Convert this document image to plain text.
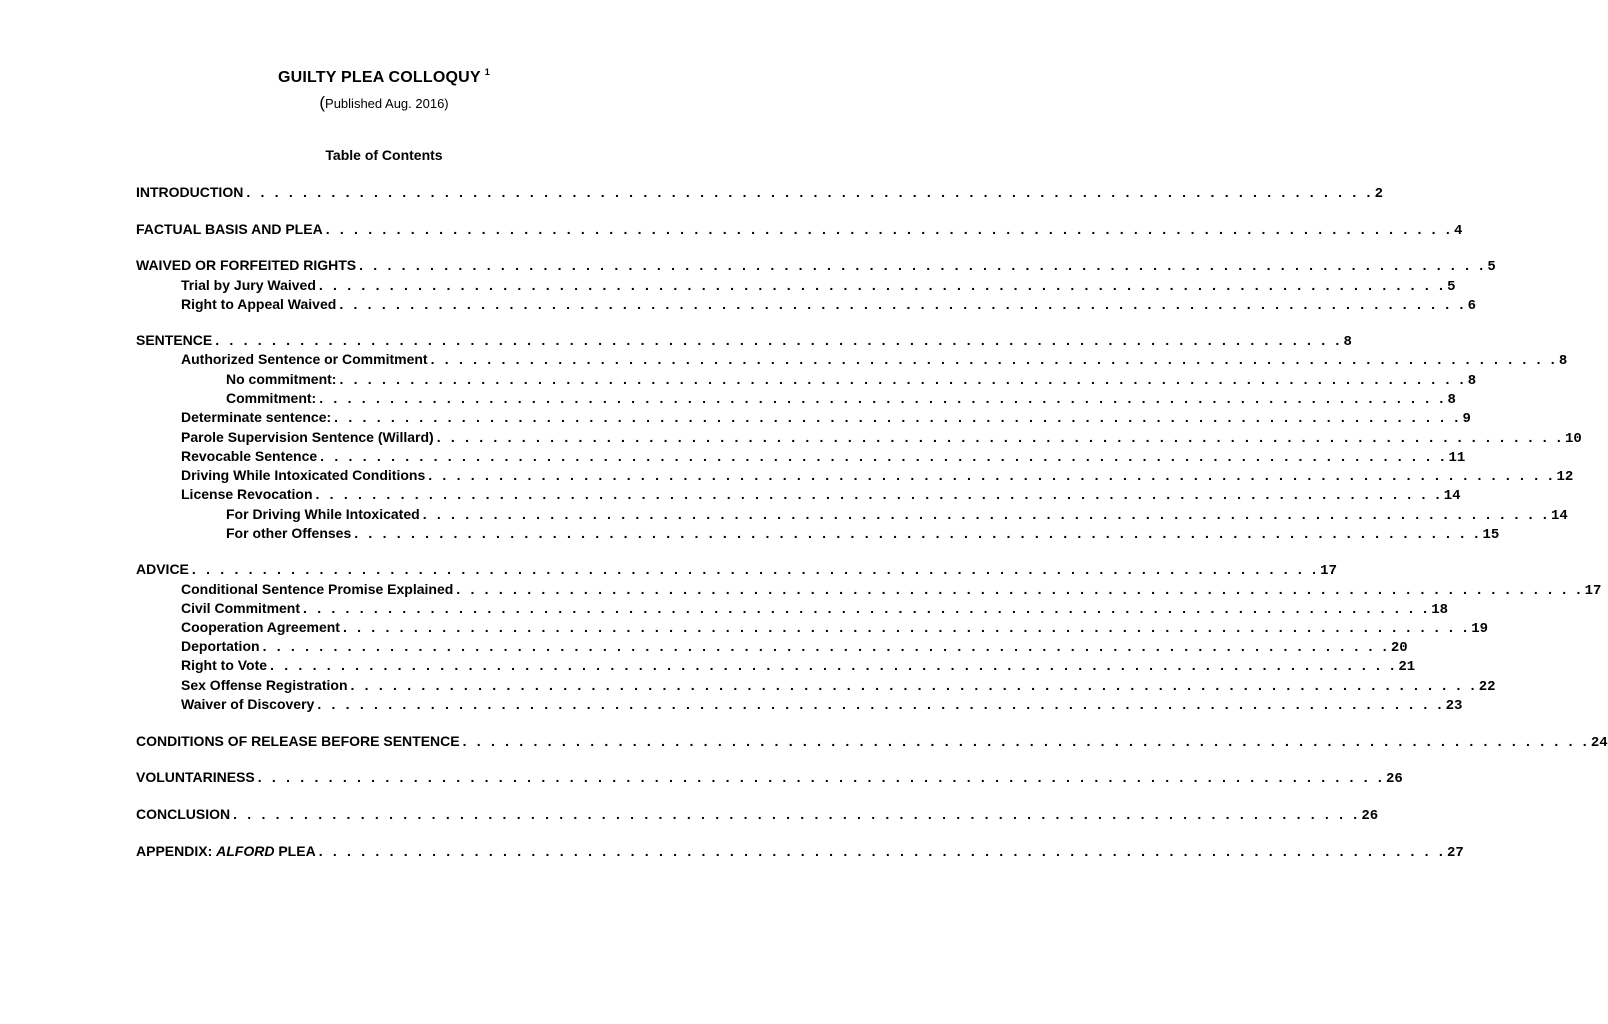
GUILTY PLEA COLLOQUY $^1$
(Published Aug. 2016)
Table of Contents
INTRODUCTION . . . . . . . . . . . . . . . . . . . . . . . . . . . . . . . . . . . . . . . . . . . . . . . . . . . . . . . . . . . . . . . . . . . . . . . . . . . . . . . . 2
FACTUAL BASIS AND PLEA . . . . . . . . . . . . . . . . . . . . . . . . . . . . . . . . . . . . . . . . . . . . . . . . . . . . . . . . . . . . . . . . . . . . . . . . . . . . . . . . 4
WAIVED OR FORFEITED RIGHTS . . . . . . . . . . . . . . . . . . . . . . . . . . . . . . . . . . . . . . . . . . . . . . . . . . . . . . . . . . . . . . . . . . . . . . . . . . . . . . . . 5
Trial by Jury Waived . . . . . . . . . . . . . . . . . . . . . . . . . . . . . . . . . . . . . . . . . . . . . . . . . . . . . . . . . . . . . . . . . . . . . . . . . . . . . . . . 5
Right to Appeal Waived . . . . . . . . . . . . . . . . . . . . . . . . . . . . . . . . . . . . . . . . . . . . . . . . . . . . . . . . . . . . . . . . . . . . . . . . . . . . . . . . 6
SENTENCE . . . . . . . . . . . . . . . . . . . . . . . . . . . . . . . . . . . . . . . . . . . . . . . . . . . . . . . . . . . . . . . . . . . . . . . . . . . . . . . . 8
Authorized Sentence or Commitment . . . . . . . . . . . . . . . . . . . . . . . . . . . . . . . . . . . . . . . . . . . . . . . . . . . . . . . . . . . . . . . . . . . . . . . . . . . . . . . . 8
No commitment: . . . . . . . . . . . . . . . . . . . . . . . . . . . . . . . . . . . . . . . . . . . . . . . . . . . . . . . . . . . . . . . . . . . . . . . . . . . . . . . . 8
Commitment: . . . . . . . . . . . . . . . . . . . . . . . . . . . . . . . . . . . . . . . . . . . . . . . . . . . . . . . . . . . . . . . . . . . . . . . . . . . . . . . . 8
Determinate sentence: . . . . . . . . . . . . . . . . . . . . . . . . . . . . . . . . . . . . . . . . . . . . . . . . . . . . . . . . . . . . . . . . . . . . . . . . . . . . . . . . 9
Parole Supervision Sentence (Willard) . . . . . . . . . . . . . . . . . . . . . . . . . . . . . . . . . . . . . . . . . . . . . . . . . . . . . . . . . . . . . . . . . . . . . . . . . . . . . . . . 10
Revocable Sentence . . . . . . . . . . . . . . . . . . . . . . . . . . . . . . . . . . . . . . . . . . . . . . . . . . . . . . . . . . . . . . . . . . . . . . . . . . . . . . . . 11
Driving While Intoxicated Conditions . . . . . . . . . . . . . . . . . . . . . . . . . . . . . . . . . . . . . . . . . . . . . . . . . . . . . . . . . . . . . . . . . . . . . . . . . . . . . . . . 12
License Revocation . . . . . . . . . . . . . . . . . . . . . . . . . . . . . . . . . . . . . . . . . . . . . . . . . . . . . . . . . . . . . . . . . . . . . . . . . . . . . . . . 14
For Driving While Intoxicated . . . . . . . . . . . . . . . . . . . . . . . . . . . . . . . . . . . . . . . . . . . . . . . . . . . . . . . . . . . . . . . . . . . . . . . . . . . . . . . . 14
For other Offenses . . . . . . . . . . . . . . . . . . . . . . . . . . . . . . . . . . . . . . . . . . . . . . . . . . . . . . . . . . . . . . . . . . . . . . . . . . . . . . . . 15
ADVICE . . . . . . . . . . . . . . . . . . . . . . . . . . . . . . . . . . . . . . . . . . . . . . . . . . . . . . . . . . . . . . . . . . . . . . . . . . . . . . . . 17
Conditional Sentence Promise Explained . . . . . . . . . . . . . . . . . . . . . . . . . . . . . . . . . . . . . . . . . . . . . . . . . . . . . . . . . . . . . . . . . . . . . . . . . . . . . . . . 17
Civil Commitment . . . . . . . . . . . . . . . . . . . . . . . . . . . . . . . . . . . . . . . . . . . . . . . . . . . . . . . . . . . . . . . . . . . . . . . . . . . . . . . . 18
Cooperation Agreement . . . . . . . . . . . . . . . . . . . . . . . . . . . . . . . . . . . . . . . . . . . . . . . . . . . . . . . . . . . . . . . . . . . . . . . . . . . . . . . . 19
Deportation . . . . . . . . . . . . . . . . . . . . . . . . . . . . . . . . . . . . . . . . . . . . . . . . . . . . . . . . . . . . . . . . . . . . . . . . . . . . . . . . 20
Right to Vote . . . . . . . . . . . . . . . . . . . . . . . . . . . . . . . . . . . . . . . . . . . . . . . . . . . . . . . . . . . . . . . . . . . . . . . . . . . . . . . . 21
Sex Offense Registration . . . . . . . . . . . . . . . . . . . . . . . . . . . . . . . . . . . . . . . . . . . . . . . . . . . . . . . . . . . . . . . . . . . . . . . . . . . . . . . . 22
Waiver of Discovery . . . . . . . . . . . . . . . . . . . . . . . . . . . . . . . . . . . . . . . . . . . . . . . . . . . . . . . . . . . . . . . . . . . . . . . . . . . . . . . . 23
CONDITIONS OF RELEASE BEFORE SENTENCE . . . . . . . . . . . . . . . . . . . . . . . . . . . . . . . . . . . . . . . . . . . . . . . . . . . . . . . . . . . . . . . . . . . . . . . . . . . . . . . . 24
VOLUNTARINESS . . . . . . . . . . . . . . . . . . . . . . . . . . . . . . . . . . . . . . . . . . . . . . . . . . . . . . . . . . . . . . . . . . . . . . . . . . . . . . . . 26
CONCLUSION . . . . . . . . . . . . . . . . . . . . . . . . . . . . . . . . . . . . . . . . . . . . . . . . . . . . . . . . . . . . . . . . . . . . . . . . . . . . . . . . 26
APPENDIX: ALFORD PLEA . . . . . . . . . . . . . . . . . . . . . . . . . . . . . . . . . . . . . . . . . . . . . . . . . . . . . . . . . . . . . . . . . . . . . . . . . . . . . . . . 27
